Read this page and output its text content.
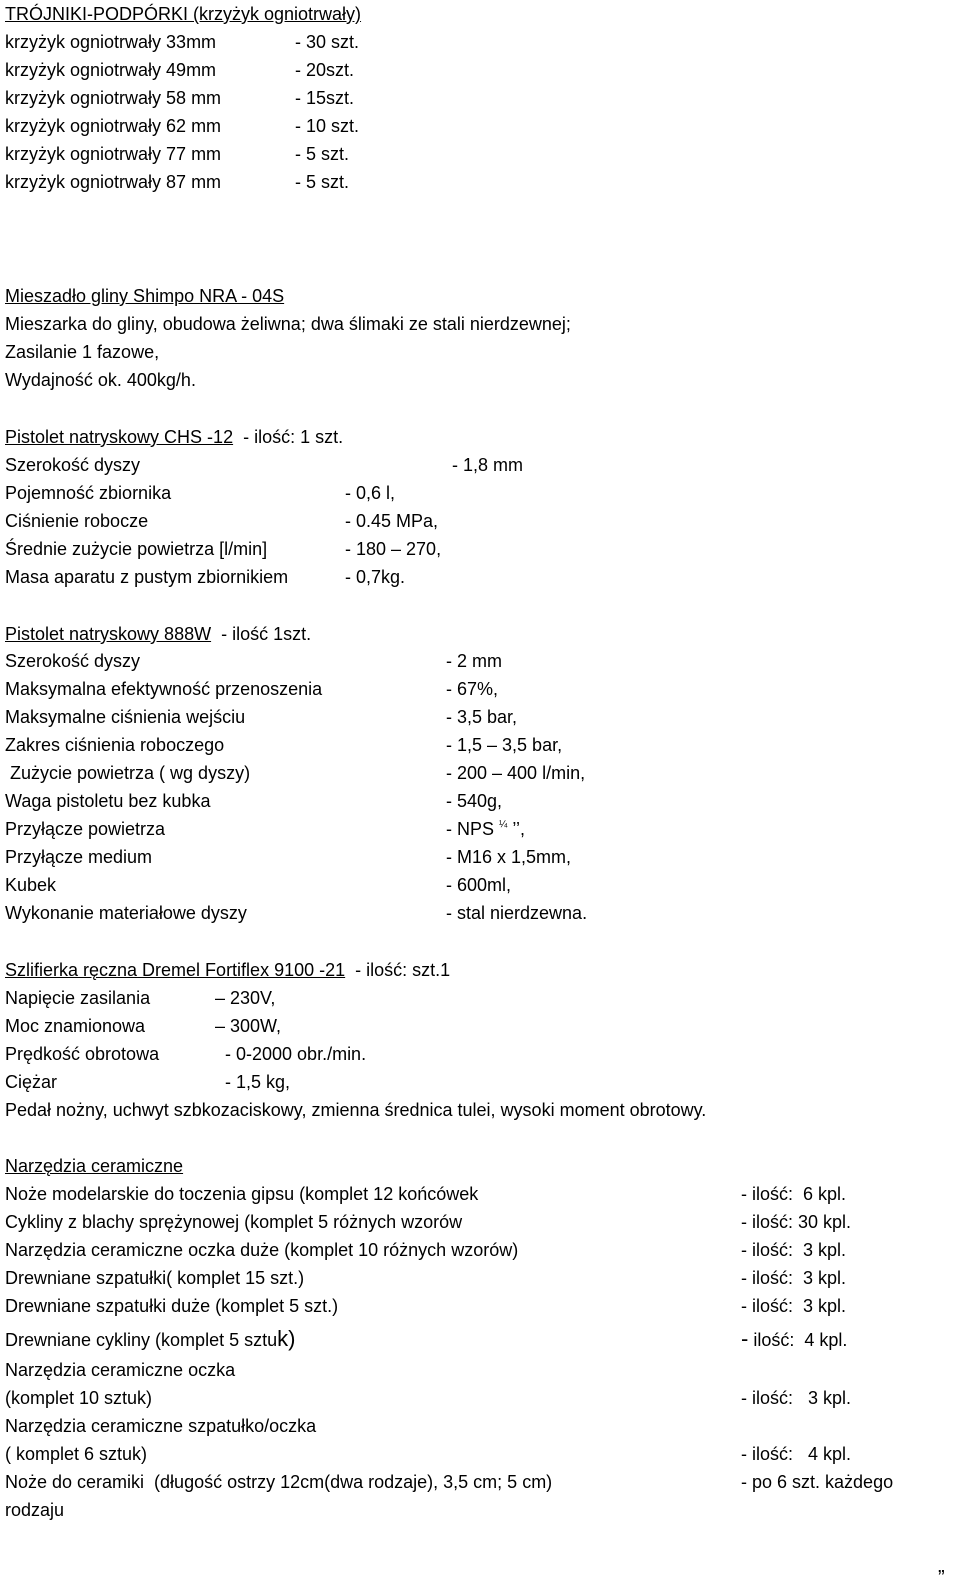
TRÓJNIKI-PODPÓRKI (krzyżyk ogniotrwały)
krzyżyk ogniotrwały 33mm	- 30 szt.
krzyżyk ogniotrwały 49mm	- 20szt.
krzyżyk ogniotrwały 58 mm	- 15szt.
krzyżyk ogniotrwały 62 mm	- 10 szt.
krzyżyk ogniotrwały 77 mm	- 5 szt.
krzyżyk ogniotrwały 87 mm	- 5 szt.
Mieszadło gliny Shimpo NRA - 04S
Mieszarka do gliny, obudowa żeliwna; dwa ślimaki ze stali nierdzewnej;
Zasilanie 1 fazowe,
Wydajność ok. 400kg/h.
Pistolet natryskowy CHS -12  - ilość: 1 szt.
Szerokość dyszy	- 1,8 mm
Pojemność zbiornika	- 0,6 l,
Ciśnienie robocze	- 0.45 MPa,
Średnie zużycie powietrza [l/min]	- 180 – 270,
Masa aparatu z pustym zbiornikiem	- 0,7kg.
Pistolet natryskowy 888W  - ilość 1szt.
Szerokość dyszy	- 2 mm
Maksymalna efektywność przenoszenia	- 67%,
Maksymalne ciśnienia wejściu	- 3,5 bar,
Zakres ciśnienia roboczego	- 1,5 – 3,5 bar,
Zużycie powietrza ( wg dyszy)	- 200 – 400 l/min,
Waga pistoletu bez kubka	- 540g,
Przyłącze powietrza	- NPS $^{\frac{1}{4}}$ ’’,
Przyłącze medium	- M16 x 1,5mm,
Kubek	- 600ml,
Wykonanie materiałowe dyszy	- stal nierdzewna.
Szlifierka ręczna Dremel Fortiflex 9100 -21  - ilość: szt.1
Napięcie zasilania	– 230V,
Moc znamionowa	– 300W,
Prędkość obrotowa	- 0-2000 obr./min.
Ciężar	- 1,5 kg,
Pedał nożny, uchwyt szbkozaciskowy, zmienna średnica tulei, wysoki moment obrotowy.
Narzędzia ceramiczne
Noże modelarskie do toczenia gipsu (komplet 12 końcówek	- ilość:  6 kpl.
Cykliny z blachy sprężynowej (komplet 5 różnych wzorów	- ilość: 30 kpl.
Narzędzia ceramiczne oczka duże (komplet 10 różnych wzorów)	- ilość:  3 kpl.
Drewniane szpatułki( komplet 15 szt.)	- ilość:  3 kpl.
Drewniane szpatułki duże (komplet 5 szt.)	- ilość:  3 kpl.
Drewniane cykliny (komplet 5 sztuk)	- ilość:  4 kpl.
Narzędzia ceramiczne oczka
(komplet 10 sztuk)	- ilość:   3 kpl.
Narzędzia ceramiczne szpatułko/oczka
( komplet 6 sztuk)	- ilość:   4 kpl.
Noże do ceramiki  (długość ostrzy 12cm(dwa rodzaje), 3,5 cm; 5 cm)	- po 6 szt. każdego
rodzaju
„
